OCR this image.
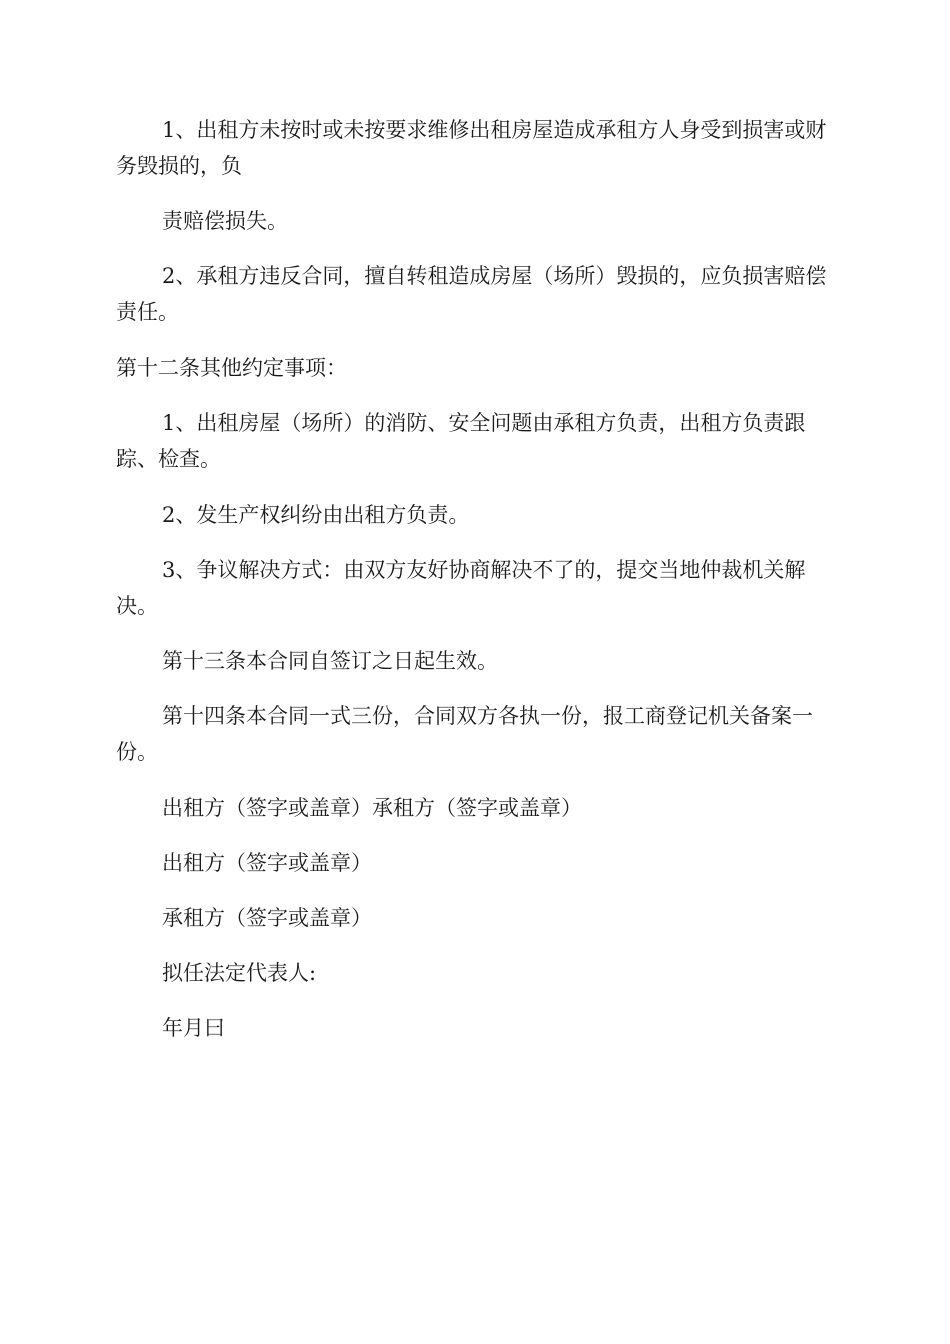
1、出租方未按时或未按要求维修出租房屋造成承租方人身受到损害或财务毁损的，负

责赔偿损失。

2、承租方违反合同，擅自转租造成房屋（场所）毁损的，应负损害赔偿责任。

第十二条其他约定事项：

1、出租房屋（场所）的消防、安全问题由承租方负责，出租方负责跟踪、检查。

2、发生产权纠纷由出租方负责。

3、争议解决方式：由双方友好协商解决不了的，提交当地仲裁机关解决。

第十三条本合同自签订之日起生效。

第十四条本合同一式三份，合同双方各执一份，报工商登记机关备案一份。

出租方（签字或盖章）承租方（签字或盖章）

出租方（签字或盖章）

承租方（签字或盖章）

拟任法定代表人:

年月曰
